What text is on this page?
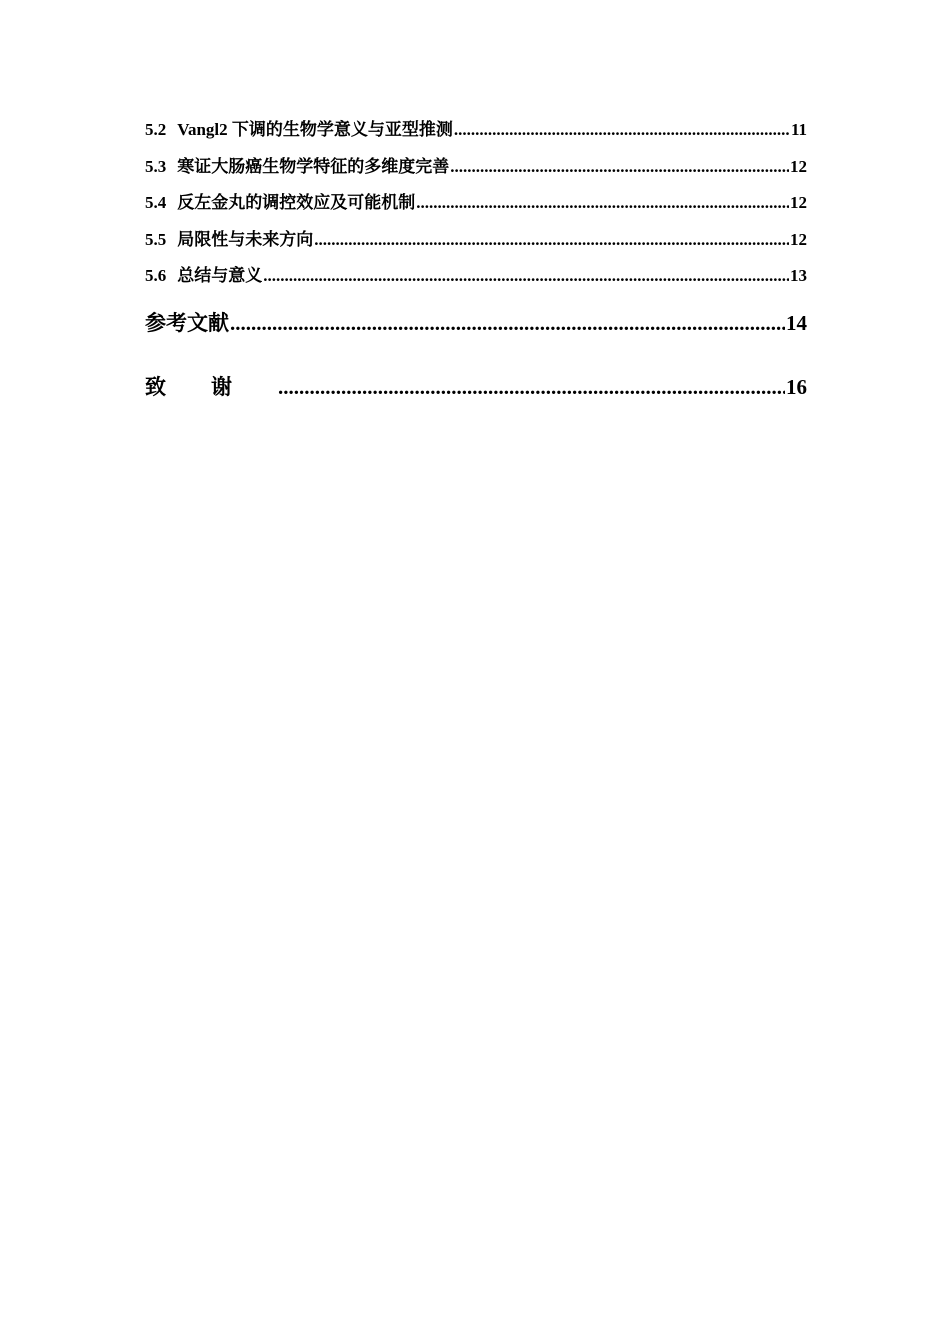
5.2 Vangl2 下调的生物学意义与亚型推测 .....	11
5.3 寒证大肠癌生物学特征的多维度完善 .....	12
5.4 反左金丸的调控效应及可能机制 .....	12
5.5 局限性与未来方向 .....	12
5.6 总结与意义 .....	13
参考文献 .....	14
致谢 .....	16
